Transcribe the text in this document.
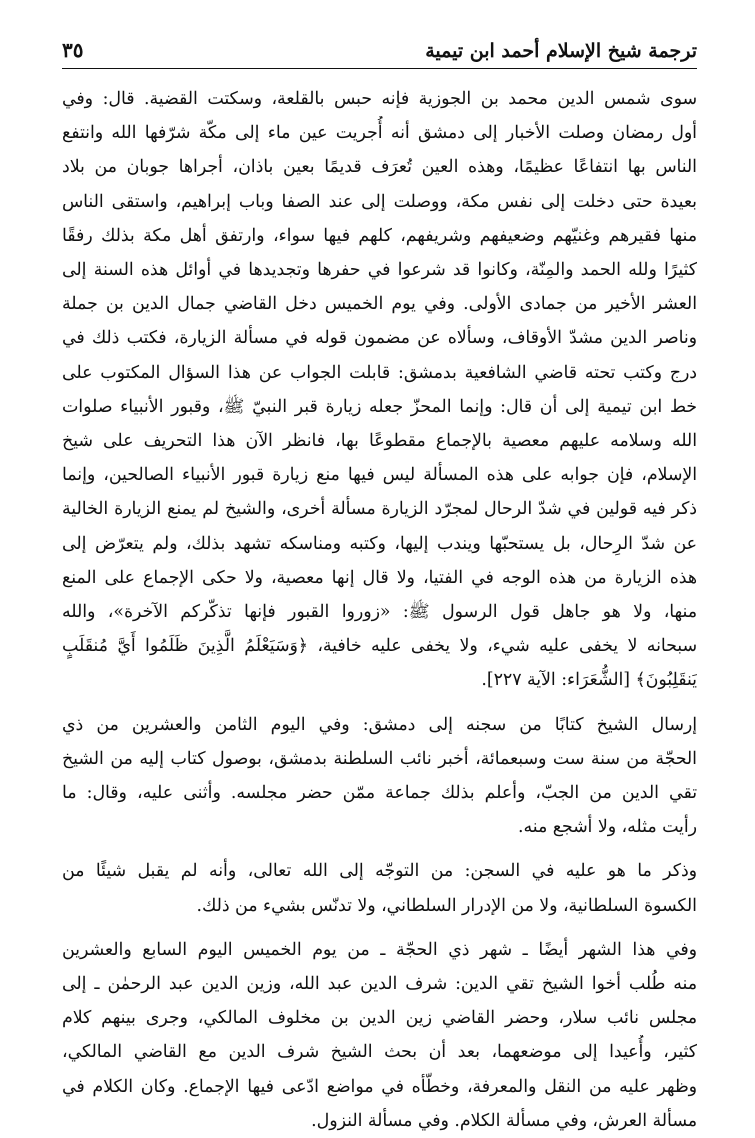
ترجمة شيخ الإسلام أحمد ابن تيمية
٣٥
سوى شمس الدين محمد بن الجوزية فإنه حبس بالقلعة، وسكتت القضية. قال: وفي
أول رمضان وصلت الأخبار إلى دمشق أنه أُجريت عين ماء إلى مكّة شرّفها الله وانتفع
الناس بها انتفاعًا عظيمًا، وهذه العين تُعرَف قديمًا بعين باذان، أجراها جوبان من بلاد
بعيدة حتى دخلت إلى نفس مكة، ووصلت إلى عند الصفا وباب إبراهيم، واستقى الناس
منها فقيرهم وغنيّهم وضعيفهم وشريفهم، كلهم فيها سواء، وارتفق أهل مكة بذلك رفقًا
كثيرًا ولله الحمد والمِنّة، وكانوا قد شرعوا في حفرها وتجديدها في أوائل هذه السنة إلى
العشر الأخير من جمادى الأولى. وفي يوم الخميس دخل القاضي جمال الدين بن جملة
وناصر الدين مشدّ الأوقاف، وسألاه عن مضمون قوله في مسألة الزيارة، فكتب ذلك في
درج وكتب تحته قاضي الشافعية بدمشق: قابلت الجواب عن هذا السؤال المكتوب على
خط ابن تيمية إلى أن قال: وإنما المحزّ جعله زيارة قبر النبيّ ﷺ، وقبور الأنبياء صلوات
الله وسلامه عليهم معصية بالإجماع مقطوعًا بها، فانظر الآن هذا التحريف على شيخ
الإسلام، فإن جوابه على هذه المسألة ليس فيها منع زيارة قبور الأنبياء الصالحين، وإنما
ذكر فيه قولين في شدّ الرحال لمجرّد الزيارة مسألة أخرى، والشيخ لم يمنع الزيارة الخالية
عن شدّ الرِحال، بل يستحبّها ويندب إليها، وكتبه ومناسكه تشهد بذلك، ولم يتعرّض إلى
هذه الزيارة من هذه الوجه في الفتيا، ولا قال إنها معصية، ولا حكى الإجماع على المنع
منها، ولا هو جاهل قول الرسول ﷺ: «زوروا القبور فإنها تذكّركم الآخرة»، والله
سبحانه لا يخفى عليه شيء، ولا يخفى عليه خافية، ﴿وَسَيَعْلَمُ الَّذِينَ ظَلَمُوا أَيَّ مُنقَلَبٍ
يَنقَلِبُونَ﴾ [الشُّعَرَاء: الآية ٢٢٧].
إرسال الشيخ كتابًا من سجنه إلى دمشق: وفي اليوم الثامن والعشرين من ذي
الحجّة من سنة ست وسبعمائة، أخبر نائب السلطنة بدمشق، بوصول كتاب إليه من الشيخ
تقي الدين من الجبّ، وأعلم بذلك جماعة ممّن حضر مجلسه. وأثنى عليه، وقال: ما
رأيت مثله، ولا أشجع منه.
وذكر ما هو عليه في السجن: من التوجّه إلى الله تعالى، وأنه لم يقبل شيئًا من
الكسوة السلطانية، ولا من الإدرار السلطاني، ولا تدنّس بشيء من ذلك.
وفي هذا الشهر أيضًا ـ شهر ذي الحجّة ـ من يوم الخميس اليوم السابع والعشرين
منه طُلب أخوا الشيخ تقي الدين: شرف الدين عبد الله، وزين الدين عبد الرحمٰن ـ إلى
مجلس نائب سلار، وحضر القاضي زين الدين بن مخلوف المالكي، وجرى بينهم كلام
كثير، وأُعيدا إلى موضعهما، بعد أن بحث الشيخ شرف الدين مع القاضي المالكي،
وظهر عليه من النقل والمعرفة، وخطّأه في مواضع ادّعى فيها الإجماع. وكان الكلام في
مسألة العرش، وفي مسألة الكلام. وفي مسألة النزول.
